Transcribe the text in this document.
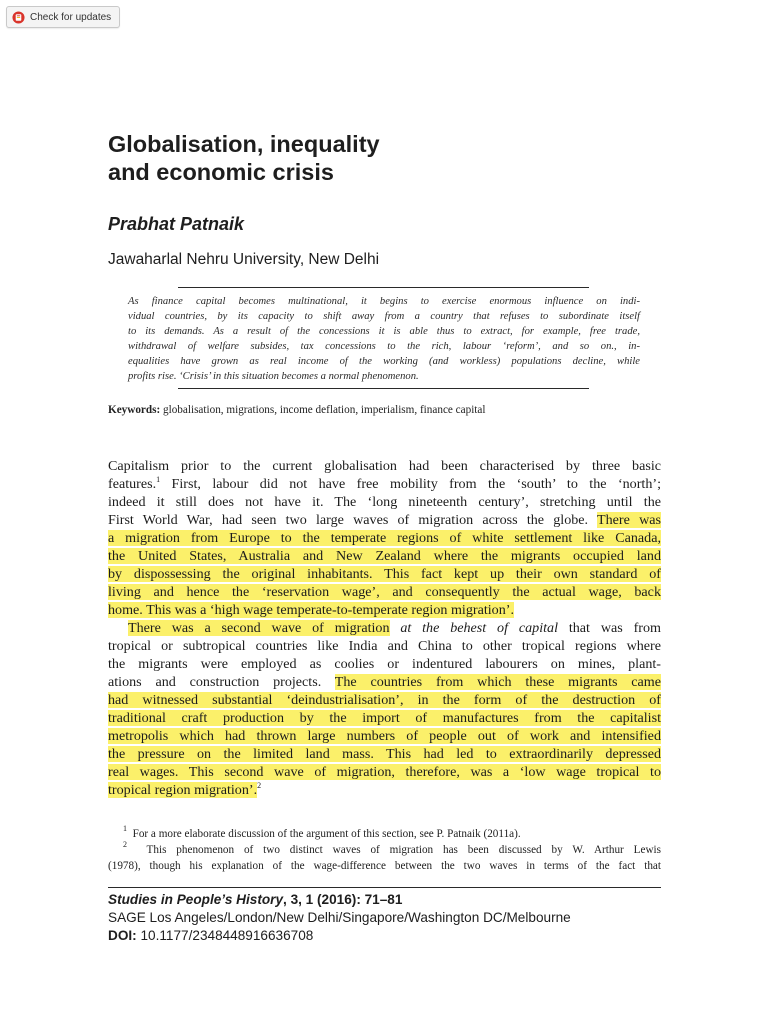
Check for updates
Globalisation, inequality
and economic crisis

Prabhat Patnaik

Jawaharlal Nehru University, New Delhi

As finance capital becomes multinational, it begins to exercise enormous influence on indi-
vidual countries, by its capacity to shift away from a country that refuses to subordinate itself
to its demands. As a result of the concessions it is able thus to extract, for example, free trade,
withdrawal of welfare subsides, tax concessions to the rich, labour ‘reform’, and so on., in-
equalities have grown as real income of the working (and workless) populations decline, while
profits rise. ‘Crisis’ in this situation becomes a normal phenomenon.

Keywords: globalisation, migrations, income deflation, imperialism, finance capital

Capitalism prior to the current globalisation had been characterised by three basic
features.$^1$ First, labour did not have free mobility from the ‘south’ to the ‘north’;
indeed it still does not have it. The ‘long nineteenth century’, stretching until the
First World War, had seen two large waves of migration across the globe. There was
a migration from Europe to the temperate regions of white settlement like Canada,
the United States, Australia and New Zealand where the migrants occupied land
by dispossessing the original inhabitants. This fact kept up their own standard of
living and hence the ‘reservation wage’, and consequently the actual wage, back
home. This was a ‘high wage temperate-to-temperate region migration’.
There was a second wave of migration at the behest of capital that was from
tropical or subtropical countries like India and China to other tropical regions where
the migrants were employed as coolies or indentured labourers on mines, plant-
ations and construction projects. The countries from which these migrants came
had witnessed substantial ‘deindustrialisation’, in the form of the destruction of
traditional craft production by the import of manufactures from the capitalist
metropolis which had thrown large numbers of people out of work and intensified
the pressure on the limited land mass. This had led to extraordinarily depressed
real wages. This second wave of migration, therefore, was a ‘low wage tropical to
tropical region migration’.$^2$
$^1$ For a more elaborate discussion of the argument of this section, see P. Patnaik (2011a).
$^2$ This phenomenon of two distinct waves of migration has been discussed by W. Arthur Lewis
(1978), though his explanation of the wage-difference between the two waves in terms of the fact that
Studies in People’s History, 3, 1 (2016): 71–81
SAGE Los Angeles/London/New Delhi/Singapore/Washington DC/Melbourne
DOI: 10.1177/2348448916636708
